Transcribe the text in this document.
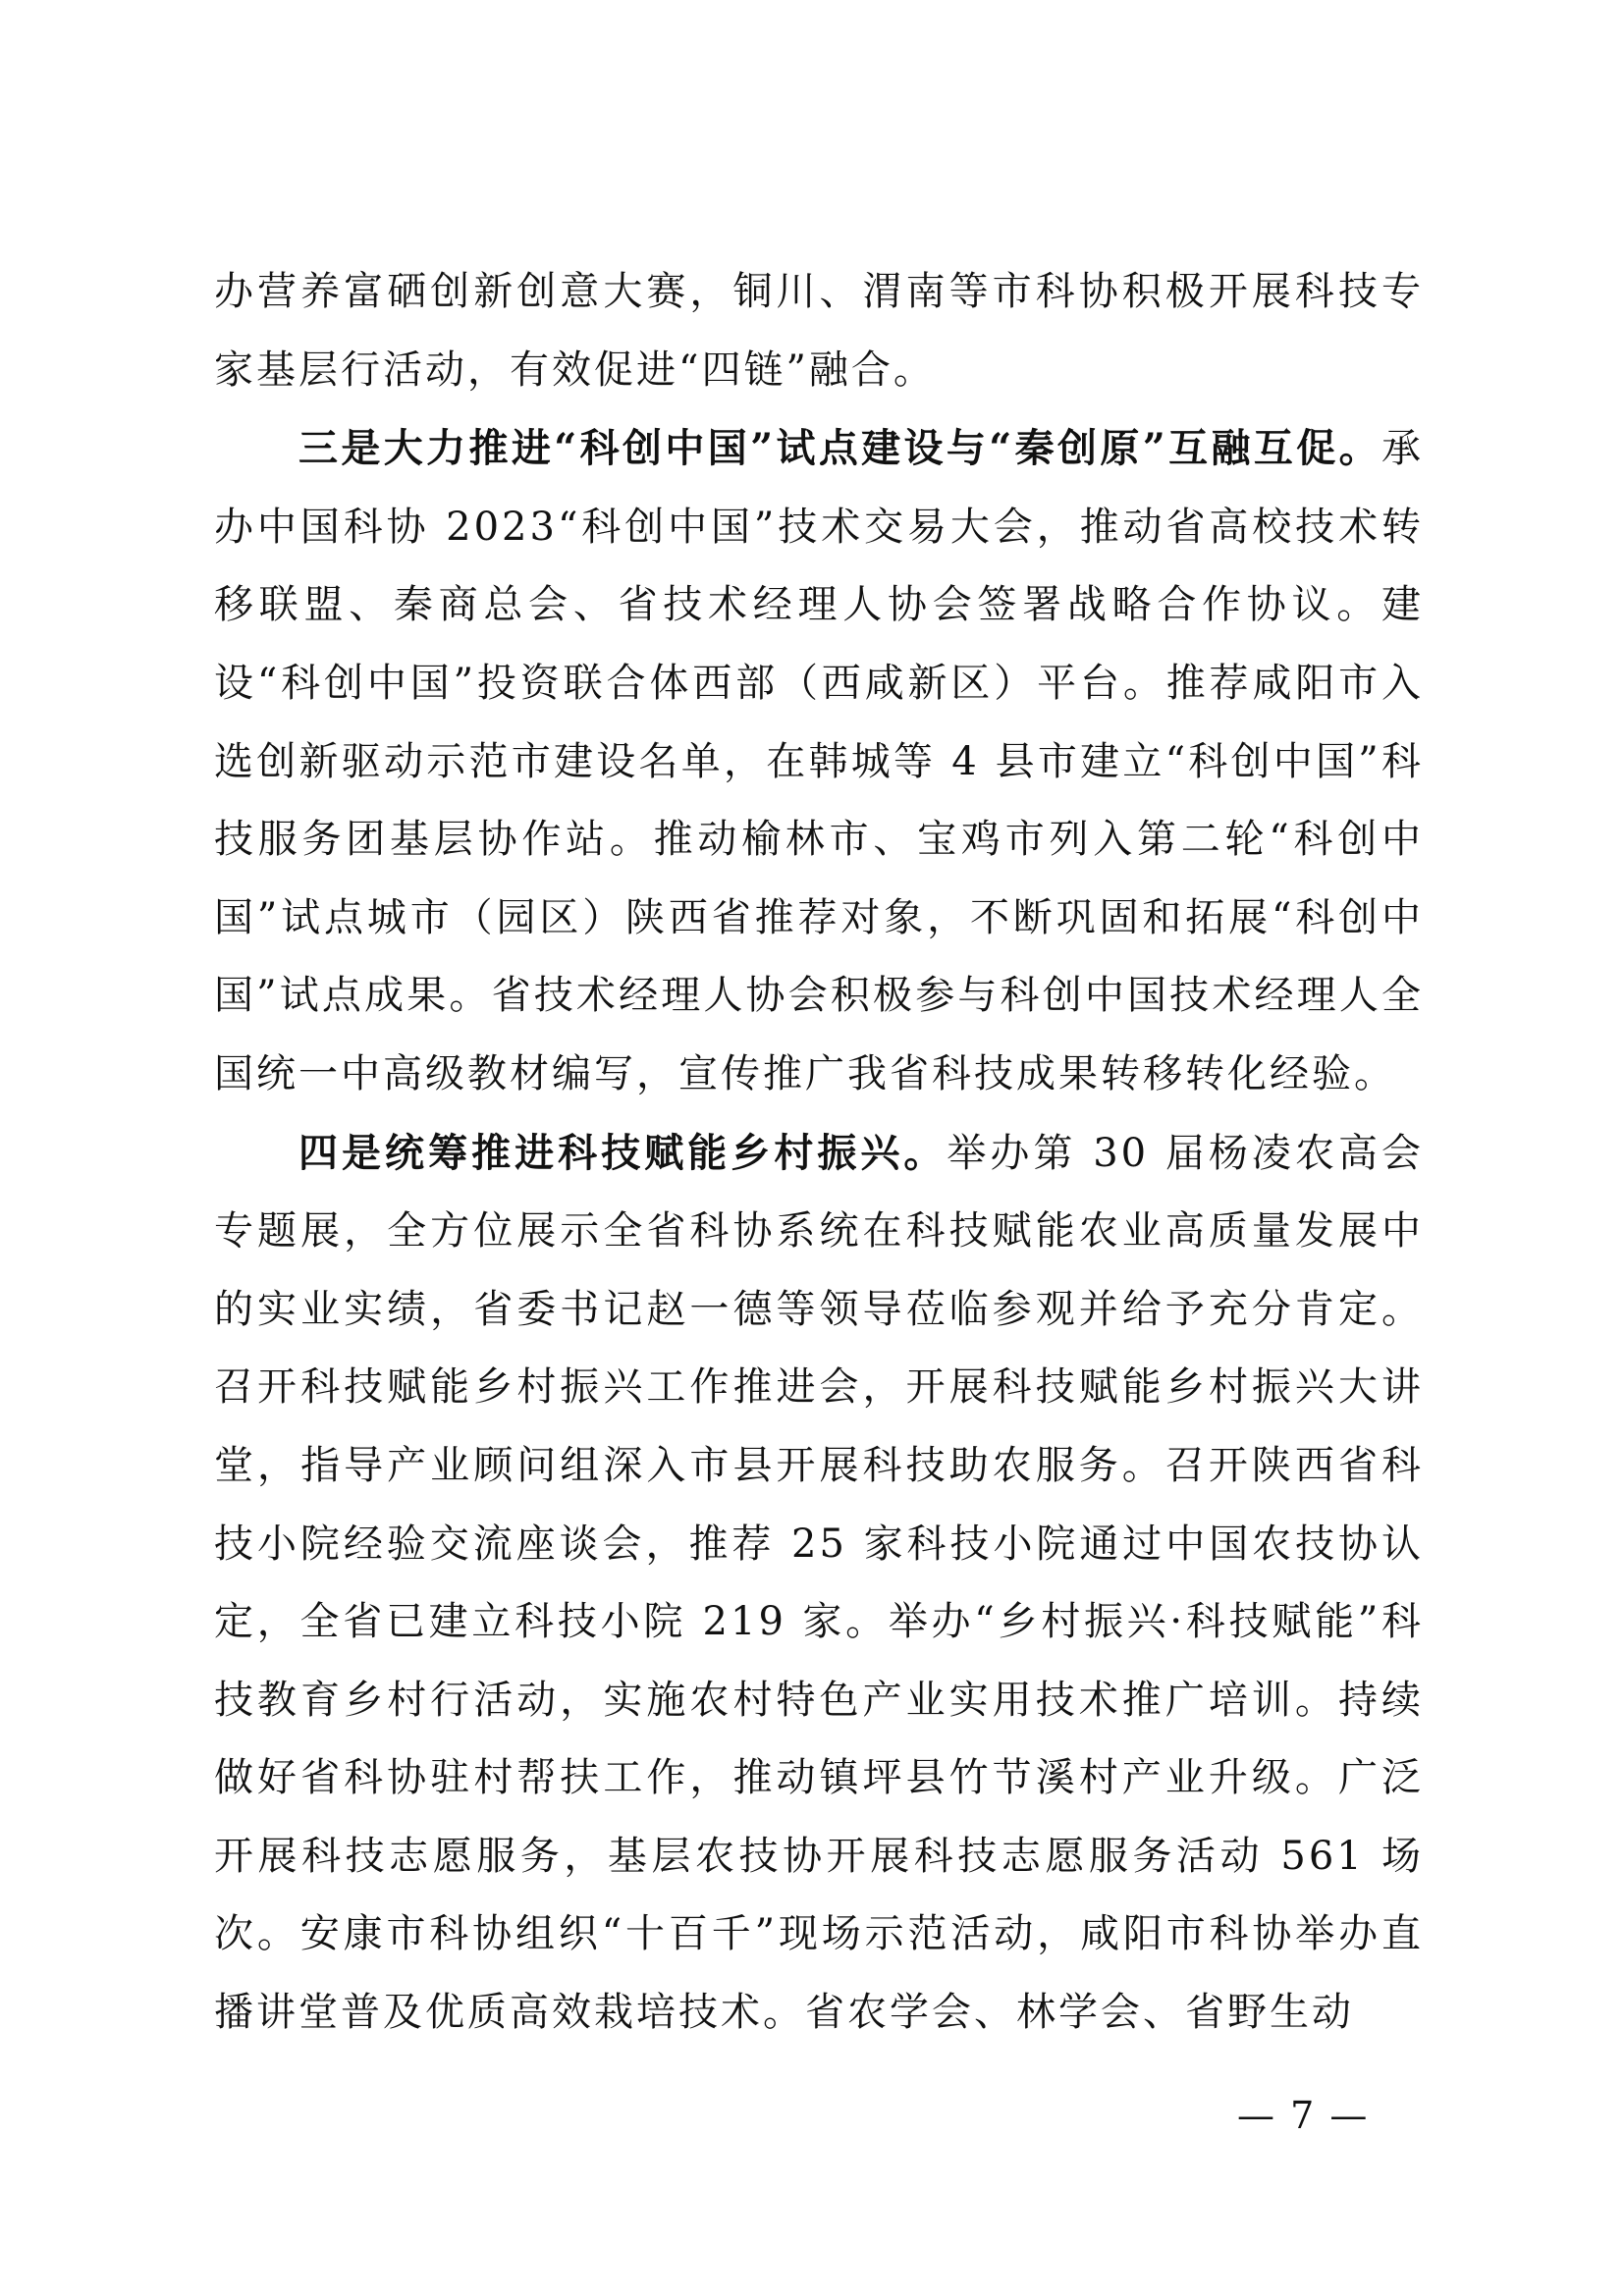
办营养富硒创新创意大赛，铜川、渭南等市科协积极开展科技专家基层行活动，有效促进“四链”融合。

三是大力推进“科创中国”试点建设与“秦创原”互融互促。承办中国科协 2023“科创中国”技术交易大会，推动省高校技术转移联盟、秦商总会、省技术经理人协会签署战略合作协议。建设“科创中国”投资联合体西部（西咸新区）平台。推荐咸阳市入选创新驱动示范市建设名单，在韩城等 4 县市建立“科创中国”科技服务团基层协作站。推动榆林市、宝鸡市列入第二轮“科创中国”试点城市（园区）陕西省推荐对象，不断巩固和拓展“科创中国”试点成果。省技术经理人协会积极参与科创中国技术经理人全国统一中高级教材编写，宣传推广我省科技成果转移转化经验。

四是统筹推进科技赋能乡村振兴。举办第 30 届杨凌农高会专题展，全方位展示全省科协系统在科技赋能农业高质量发展中的实业实绩，省委书记赵一德等领导莅临参观并给予充分肯定。召开科技赋能乡村振兴工作推进会，开展科技赋能乡村振兴大讲堂，指导产业顾问组深入市县开展科技助农服务。召开陕西省科技小院经验交流座谈会，推荐 25 家科技小院通过中国农技协认定，全省已建立科技小院 219 家。举办“乡村振兴·科技赋能”科技教育乡村行活动，实施农村特色产业实用技术推广培训。持续做好省科协驻村帮扶工作，推动镇坪县竹节溪村产业升级。广泛开展科技志愿服务，基层农技协开展科技志愿服务活动 561 场次。安康市科协组织“十百千”现场示范活动，咸阳市科协举办直播讲堂普及优质高效栽培技术。省农学会、林学会、省野生动

— 7 —
